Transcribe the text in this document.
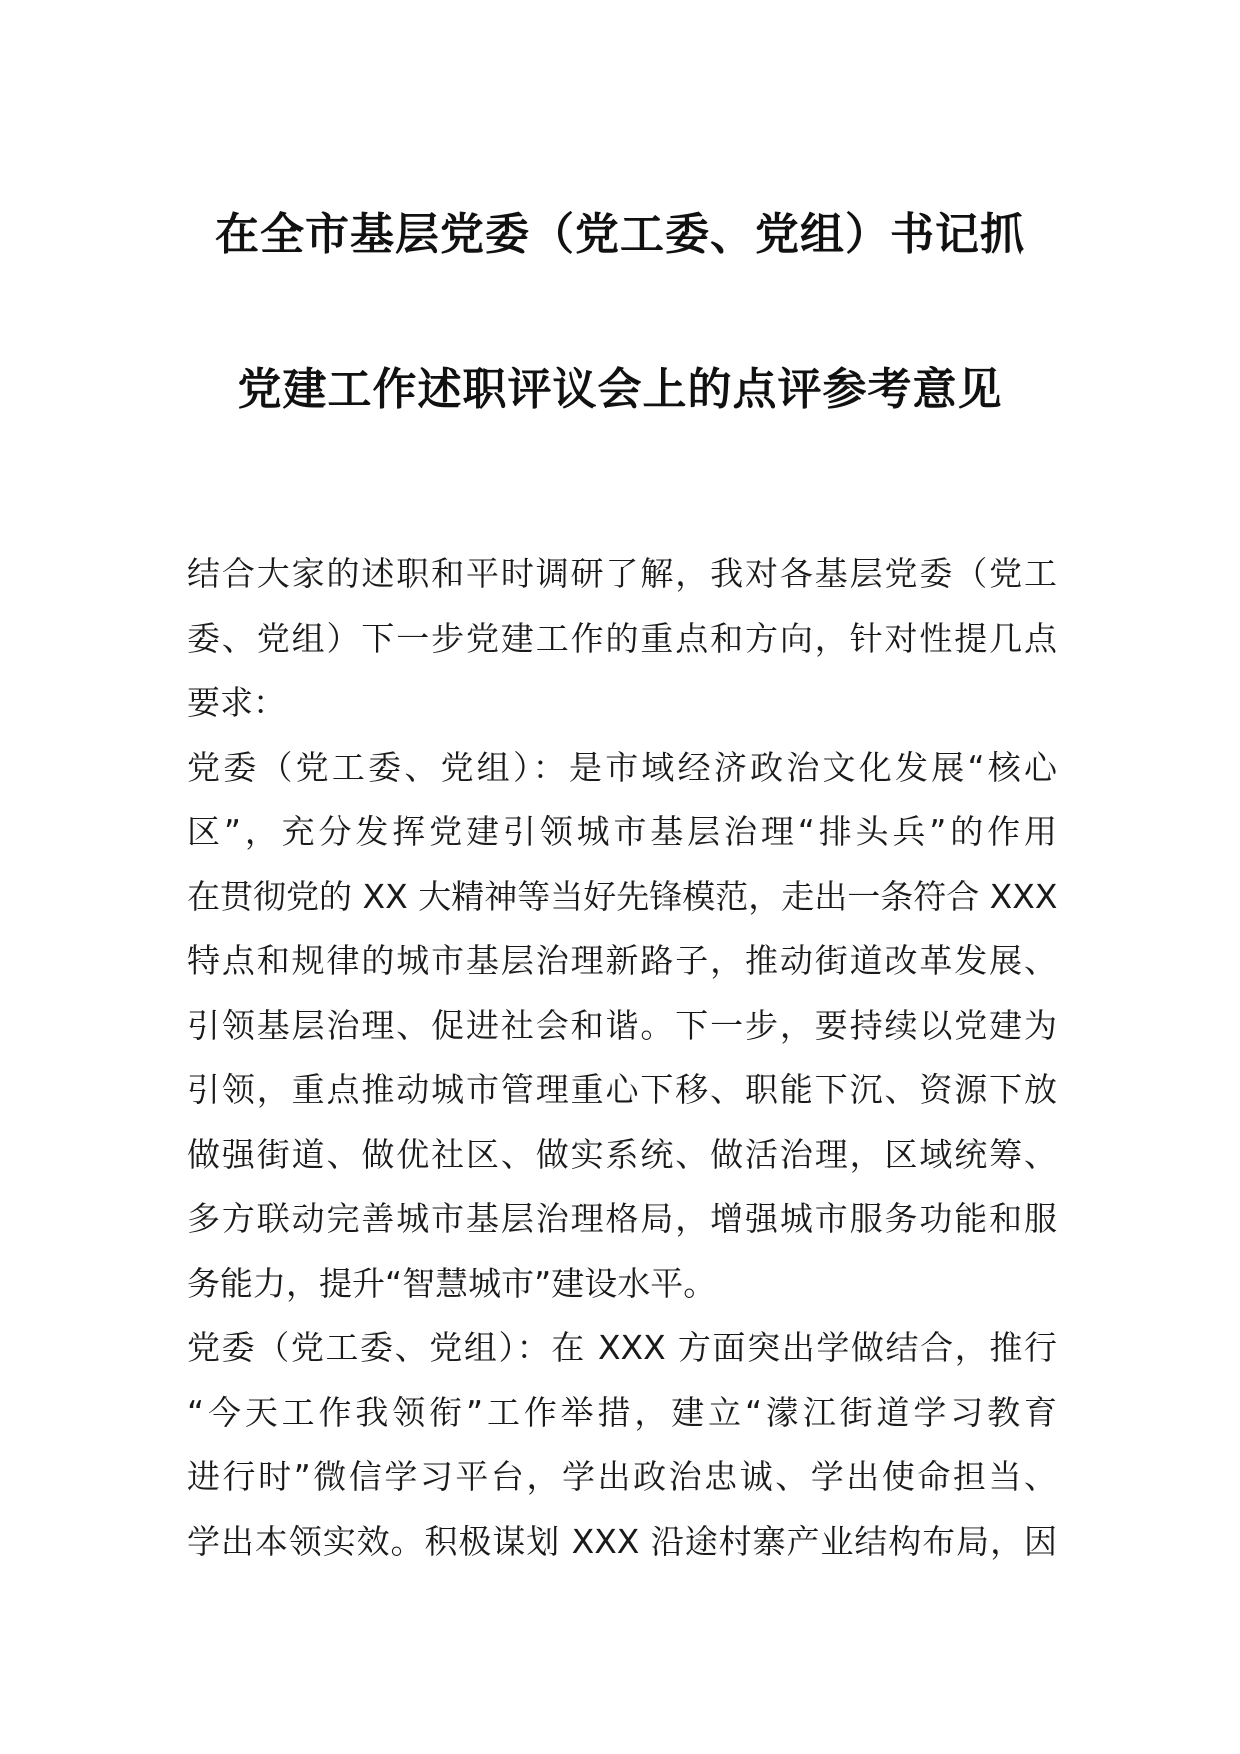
在全市基层党委（党工委、党组）书记抓
党建工作述职评议会上的点评参考意见
结合大家的述职和平时调研了解，我对各基层党委（党工
委、党组）下一步党建工作的重点和方向，针对性提几点
要求：
党委（党工委、党组）：是市域经济政治文化发展“核心
区”，充分发挥党建引领城市基层治理“排头兵”的作用
在贯彻党的 XX 大精神等当好先锋模范，走出一条符合 XXX
特点和规律的城市基层治理新路子，推动街道改革发展、
引领基层治理、促进社会和谐。下一步，要持续以党建为
引领，重点推动城市管理重心下移、职能下沉、资源下放
做强街道、做优社区、做实系统、做活治理，区域统筹、
多方联动完善城市基层治理格局，增强城市服务功能和服
务能力，提升“智慧城市”建设水平。
党委（党工委、党组）：在 XXX 方面突出学做结合，推行
“今天工作我领衔”工作举措，建立“濛江街道学习教育
进行时”微信学习平台，学出政治忠诚、学出使命担当、
学出本领实效。积极谋划 XXX 沿途村寨产业结构布局，因
